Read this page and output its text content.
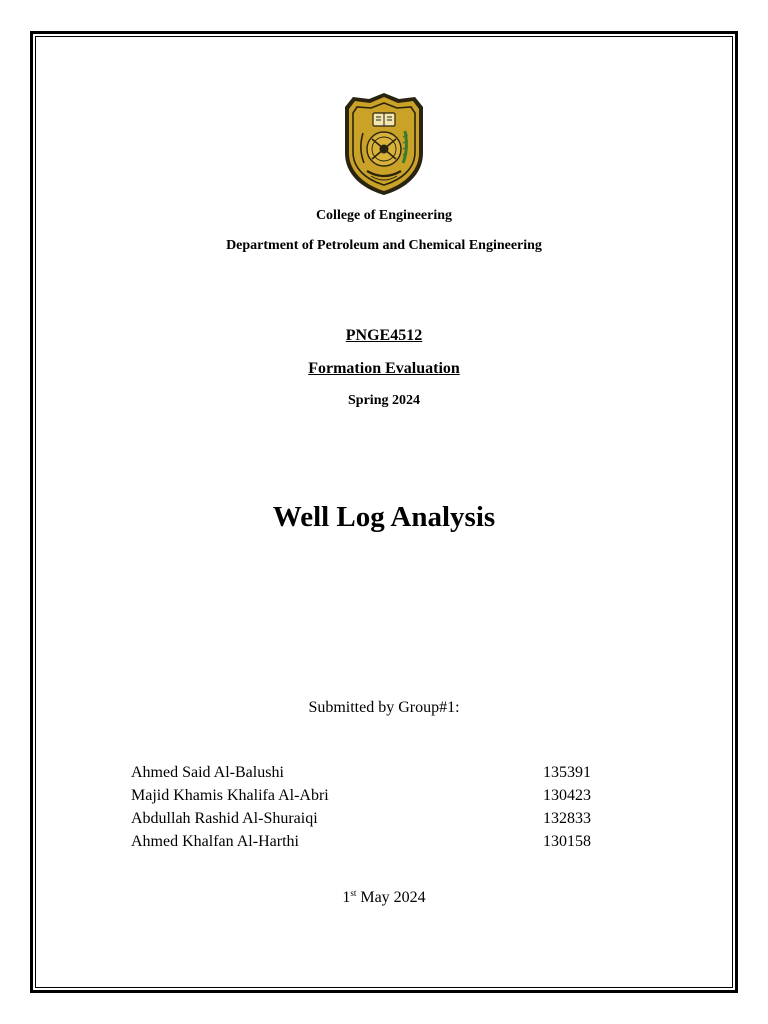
College of Engineering
Department of Petroleum and Chemical Engineering
PNGE4512
Formation Evaluation
Spring 2024
Well Log Analysis
Submitted by Group#1:
Ahmed Said Al-Balushi	135391
Majid Khamis Khalifa Al-Abri	130423
Abdullah Rashid Al-Shuraiqi	132833
Ahmed Khalfan Al-Harthi	130158
1st May 2024
